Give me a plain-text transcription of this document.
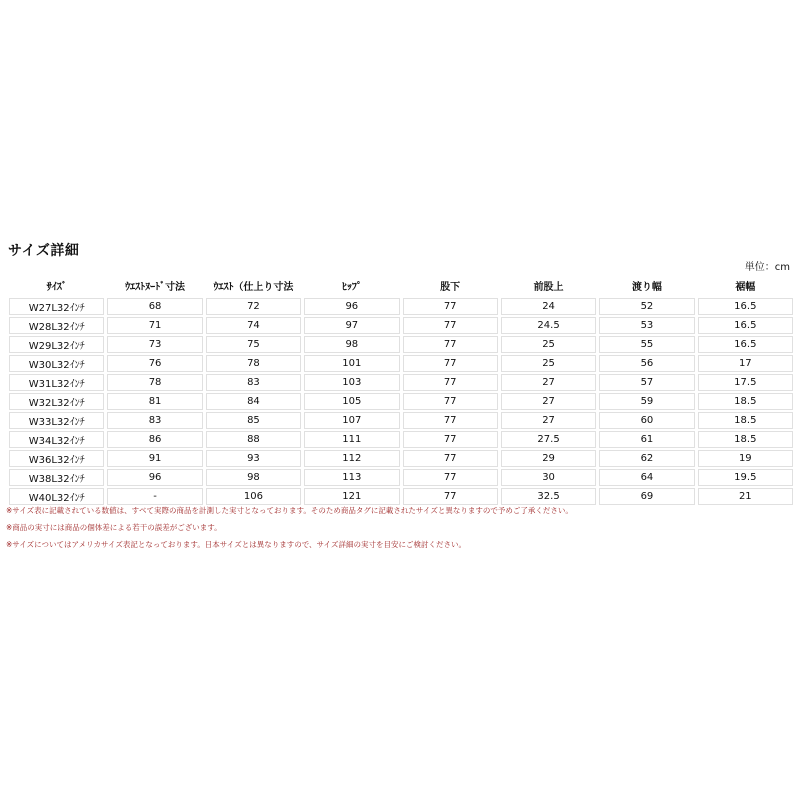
サイズ詳細
単位：cm
ｻｲｽﾞ	ｳｴｽﾄﾇｰﾄﾞ寸法	ｳｴｽﾄ（仕上り寸法	ﾋｯﾌﾟ	股下	前股上	渡り幅	裾幅
W27L32ｲﾝﾁ	68	72	96	77	24	52	16.5
W28L32ｲﾝﾁ	71	74	97	77	24.5	53	16.5
W29L32ｲﾝﾁ	73	75	98	77	25	55	16.5
W30L32ｲﾝﾁ	76	78	101	77	25	56	17
W31L32ｲﾝﾁ	78	83	103	77	27	57	17.5
W32L32ｲﾝﾁ	81	84	105	77	27	59	18.5
W33L32ｲﾝﾁ	83	85	107	77	27	60	18.5
W34L32ｲﾝﾁ	86	88	111	77	27.5	61	18.5
W36L32ｲﾝﾁ	91	93	112	77	29	62	19
W38L32ｲﾝﾁ	96	98	113	77	30	64	19.5
W40L32ｲﾝﾁ	-	106	121	77	32.5	69	21
※サイズ表に記載されている数値は、すべて実際の商品を計測した実寸となっております。そのため商品タグに記載されたサイズと異なりますので予めご了承ください。
※商品の実寸には商品の個体差による若干の誤差がございます。
※サイズについてはアメリカサイズ表記となっております。日本サイズとは異なりますので、サイズ詳細の実寸を目安にご検討ください。
